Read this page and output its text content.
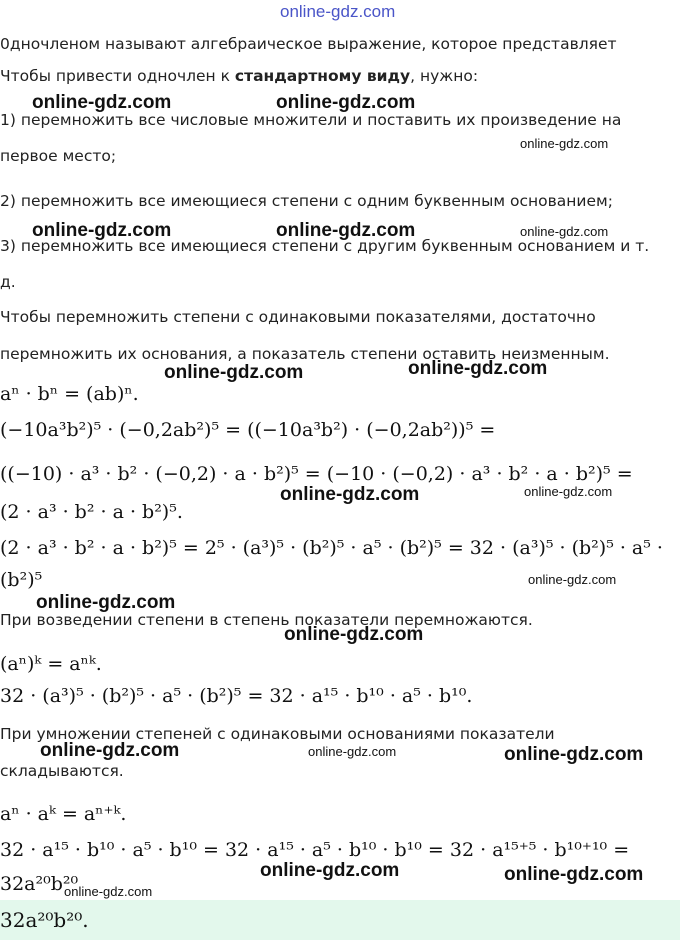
online-gdz.com
online-gdz.com	online-gdz.com
online-gdz.com
online-gdz.com	online-gdz.com	online-gdz.com
online-gdz.com	online-gdz.com
online-gdz.com	online-gdz.com
online-gdz.com
online-gdz.com
online-gdz.com
online-gdz.com	online-gdz.com	online-gdz.com
online-gdz.com	online-gdz.com
online-gdz.com

0дночленом называют алгебраическое выражение, которое представляет

Чтобы привести одночлен к стандартному виду, нужно:

1) перемножить все числовые множители и поставить их произведение на

первое место;

2) перемножить все имеющиеся степени с одним буквенным основанием;

3) перемножить все имеющиеся степени с другим буквенным основанием и т.

д.

Чтобы перемножить степени с одинаковыми показателями, достаточно

перемножить их основания, а показатель степени оставить неизменным.

aⁿ · bⁿ = (ab)ⁿ.
(−10a³b²)⁵ · (−0,2ab²)⁵ = ((−10a³b²) · (−0,2ab²))⁵ =
((−10) · a³ · b² · (−0,2) · a · b²)⁵ = (−10 · (−0,2) · a³ · b² · a · b²)⁵ =
(2 · a³ · b² · a · b²)⁵.
(2 · a³ · b² · a · b²)⁵ = 2⁵ · (a³)⁵ · (b²)⁵ · a⁵ · (b²)⁵ = 32 · (a³)⁵ · (b²)⁵ · a⁵ ·
(b²)⁵

При возведении степени в степень показатели перемножаются.

(aⁿ)ᵏ = aⁿᵏ.
32 · (a³)⁵ · (b²)⁵ · a⁵ · (b²)⁵ = 32 · a¹⁵ · b¹⁰ · a⁵ · b¹⁰.

При умножении степеней с одинаковыми основаниями показатели

складываются.

aⁿ · aᵏ = aⁿ⁺ᵏ.
32 · a¹⁵ · b¹⁰ · a⁵ · b¹⁰ = 32 · a¹⁵ · a⁵ · b¹⁰ · b¹⁰ = 32 · a¹⁵⁺⁵ · b¹⁰⁺¹⁰ =
32a²⁰b²⁰
32a²⁰b²⁰.
